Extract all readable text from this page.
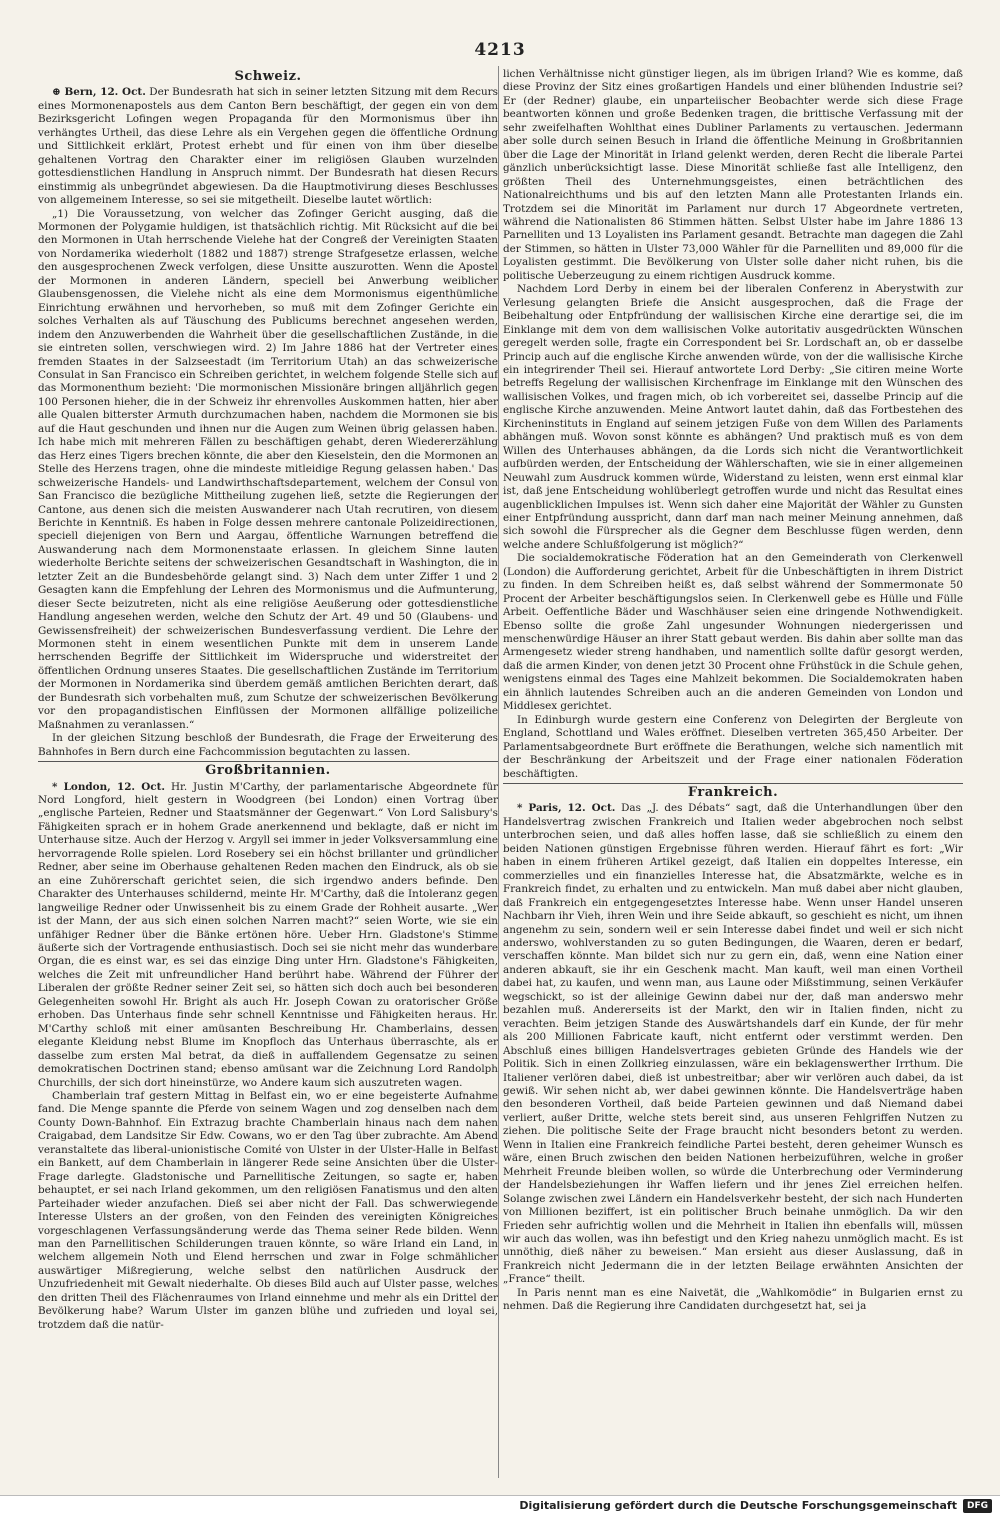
4213
Schweiz.

⊕ Bern, 12. Oct. Der Bundesrath hat sich in seiner letzten Sitzung mit dem Recurs eines Mormonenapostels aus dem Canton Bern beschäftigt, der gegen ein von dem Bezirksgericht Lofingen wegen Propaganda für den Mormonismus über ihn verhängtes Urtheil, das diese Lehre als ein Vergehen gegen die öffentliche Ordnung und Sittlichkeit erklärt, Protest erhebt und für einen von ihm über dieselbe gehaltenen Vortrag den Charakter einer im religiösen Glauben wurzelnden gottesdienstlichen Handlung in Anspruch nimmt. Der Bundesrath hat diesen Recurs einstimmig als unbegründet abgewiesen. Da die Hauptmotivirung dieses Beschlusses von allgemeinem Interesse, so sei sie mitgetheilt. Dieselbe lautet wörtlich:

„1) Die Voraussetzung, von welcher das Zofinger Gericht ausging, daß die Mormonen der Polygamie huldigen, ist thatsächlich richtig. Mit Rücksicht auf die bei den Mormonen in Utah herrschende Vielehe hat der Congreß der Vereinigten Staaten von Nordamerika wiederholt (1882 und 1887) strenge Strafgesetze erlassen, welche den ausgesprochenen Zweck verfolgen, diese Unsitte auszurotten. Wenn die Apostel der Mormonen in anderen Ländern, speciell bei Anwerbung weiblicher Glaubensgenossen, die Vielehe nicht als eine dem Mormonismus eigenthümliche Einrichtung erwähnen und hervorheben, so muß mit dem Zofinger Gerichte ein solches Verhalten als auf Täuschung des Publicums berechnet angesehen werden, indem den Anzuwerbenden die Wahrheit über die gesellschaftlichen Zustände, in die sie eintreten sollen, verschwiegen wird. 2) Im Jahre 1886 hat der Vertreter eines fremden Staates in der Salzseestadt (im Territorium Utah) an das schweizerische Consulat in San Francisco ein Schreiben gerichtet, in welchem folgende Stelle sich auf das Mormonenthum bezieht: 'Die mormonischen Missionäre bringen alljährlich gegen 100 Personen hieher, die in der Schweiz ihr ehrenvolles Auskommen hatten, hier aber alle Qualen bitterster Armuth durchzumachen haben, nachdem die Mormonen sie bis auf die Haut geschunden und ihnen nur die Augen zum Weinen übrig gelassen haben. Ich habe mich mit mehreren Fällen zu beschäftigen gehabt, deren Wiedererzählung das Herz eines Tigers brechen könnte, die aber den Kieselstein, den die Mormonen an Stelle des Herzens tragen, ohne die mindeste mitleidige Regung gelassen haben.' Das schweizerische Handels- und Landwirthschaftsdepartement, welchem der Consul von San Francisco die bezügliche Mittheilung zugehen ließ, setzte die Regierungen der Cantone, aus denen sich die meisten Auswanderer nach Utah recrutiren, von diesem Berichte in Kenntniß. Es haben in Folge dessen mehrere cantonale Polizeidirectionen, speciell diejenigen von Bern und Aargau, öffentliche Warnungen betreffend die Auswanderung nach dem Mormonenstaate erlassen. In gleichem Sinne lauten wiederholte Berichte seitens der schweizerischen Gesandtschaft in Washington, die in letzter Zeit an die Bundesbehörde gelangt sind. 3) Nach dem unter Ziffer 1 und 2 Gesagten kann die Empfehlung der Lehren des Mormonismus und die Aufmunterung, dieser Secte beizutreten, nicht als eine religiöse Aeußerung oder gottesdienstliche Handlung angesehen werden, welche den Schutz der Art. 49 und 50 (Glaubens- und Gewissensfreiheit) der schweizerischen Bundesverfassung verdient. Die Lehre der Mormonen steht in einem wesentlichen Punkte mit dem in unserem Lande herrschenden Begriffe der Sittlichkeit im Widerspruche und widerstreitet der öffentlichen Ordnung unseres Staates. Die gesellschaftlichen Zustände im Territorium der Mormonen in Nordamerika sind überdem gemäß amtlichen Berichten derart, daß der Bundesrath sich vorbehalten muß, zum Schutze der schweizerischen Bevölkerung vor den propagandistischen Einflüssen der Mormonen allfällige polizeiliche Maßnahmen zu veranlassen.“

In der gleichen Sitzung beschloß der Bundesrath, die Frage der Erweiterung des Bahnhofes in Bern durch eine Fachcommission begutachten zu lassen.

Großbritannien.

* London, 12. Oct. Hr. Justin M'Carthy, der parlamentarische Abgeordnete für Nord Longford, hielt gestern in Woodgreen (bei London) einen Vortrag über „englische Parteien, Redner und Staatsmänner der Gegenwart.“ Von Lord Salisbury's Fähigkeiten sprach er in hohem Grade anerkennend und beklagte, daß er nicht im Unterhause sitze. Auch der Herzog v. Argyll sei immer in jeder Volksversammlung eine hervorragende Rolle spielen. Lord Rosebery sei ein höchst brillanter und gründlicher Redner, aber seine im Oberhause gehaltenen Reden machen den Eindruck, als ob sie an eine Zuhörerschaft gerichtet seien, die sich irgendwo anders befinde. Den Charakter des Unterhauses schildernd, meinte Hr. M'Carthy, daß die Intoleranz gegen langweilige Redner oder Unwissenheit bis zu einem Grade der Rohheit ausarte. „Wer ist der Mann, der aus sich einen solchen Narren macht?“ seien Worte, wie sie ein unfähiger Redner über die Bänke ertönen höre. Ueber Hrn. Gladstone's Stimme äußerte sich der Vortragende enthusiastisch. Doch sei sie nicht mehr das wunderbare Organ, die es einst war, es sei das einzige Ding unter Hrn. Gladstone's Fähigkeiten, welches die Zeit mit unfreundlicher Hand berührt habe. Während der Führer der Liberalen der größte Redner seiner Zeit sei, so hätten sich doch auch bei besonderen Gelegenheiten sowohl Hr. Bright als auch Hr. Joseph Cowan zu oratorischer Größe erhoben. Das Unterhaus finde sehr schnell Kenntnisse und Fähigkeiten heraus. Hr. M'Carthy schloß mit einer amüsanten Beschreibung Hr. Chamberlains, dessen elegante Kleidung nebst Blume im Knopfloch das Unterhaus überraschte, als er dasselbe zum ersten Mal betrat, da dieß in auffallendem Gegensatze zu seinen demokratischen Doctrinen stand; ebenso amüsant war die Zeichnung Lord Randolph Churchills, der sich dort hineinstürze, wo Andere kaum sich auszutreten wagen.

Chamberlain traf gestern Mittag in Belfast ein, wo er eine begeisterte Aufnahme fand. Die Menge spannte die Pferde von seinem Wagen und zog denselben nach dem County Down-Bahnhof. Ein Extrazug brachte Chamberlain hinaus nach dem nahen Craigabad, dem Landsitze Sir Edw. Cowans, wo er den Tag über zubrachte. Am Abend veranstaltete das liberal-unionistische Comité von Ulster in der Ulster-Halle in Belfast ein Bankett, auf dem Chamberlain in längerer Rede seine Ansichten über die Ulster-Frage darlegte. Gladstonische und Parnellitische Zeitungen, so sagte er, haben behauptet, er sei nach Irland gekommen, um den religiösen Fanatismus und den alten Parteihader wieder anzufachen. Dieß sei aber nicht der Fall. Das schwerwiegende Interesse Ulsters an der großen, von den Feinden des vereinigten Königreiches vorgeschlagenen Verfassungsänderung werde das Thema seiner Rede bilden. Wenn man den Parnellitischen Schilderungen trauen könnte, so wäre Irland ein Land, in welchem allgemein Noth und Elend herrschen und zwar in Folge schmählicher auswärtiger Mißregierung, welche selbst den natürlichen Ausdruck der Unzufriedenheit mit Gewalt niederhalte. Ob dieses Bild auch auf Ulster passe, welches den dritten Theil des Flächenraumes von Irland einnehme und mehr als ein Drittel der Bevölkerung habe? Warum Ulster im ganzen blühe und zufrieden und loyal sei, trotzdem daß die natür-

lichen Verhältnisse nicht günstiger liegen, als im übrigen Irland? Wie es komme, daß diese Provinz der Sitz eines großartigen Handels und einer blühenden Industrie sei? Er (der Redner) glaube, ein unparteiischer Beobachter werde sich diese Frage beantworten können und große Bedenken tragen, die brittische Verfassung mit der sehr zweifelhaften Wohlthat eines Dubliner Parlaments zu vertauschen. Jedermann aber solle durch seinen Besuch in Irland die öffentliche Meinung in Großbritannien über die Lage der Minorität in Irland gelenkt werden, deren Recht die liberale Partei gänzlich unberücksichtigt lasse. Diese Minorität schließe fast alle Intelligenz, den größten Theil des Unternehmungsgeistes, einen beträchtlichen des Nationalreichthums und bis auf den letzten Mann alle Protestanten Irlands ein. Trotzdem sei die Minorität im Parlament nur durch 17 Abgeordnete vertreten, während die Nationalisten 86 Stimmen hätten. Selbst Ulster habe im Jahre 1886 13 Parnelliten und 13 Loyalisten ins Parlament gesandt. Betrachte man dagegen die Zahl der Stimmen, so hätten in Ulster 73,000 Wähler für die Parnelliten und 89,000 für die Loyalisten gestimmt. Die Bevölkerung von Ulster solle daher nicht ruhen, bis die politische Ueberzeugung zu einem richtigen Ausdruck komme.

Nachdem Lord Derby in einem bei der liberalen Conferenz in Aberystwith zur Verlesung gelangten Briefe die Ansicht ausgesprochen, daß die Frage der Beibehaltung oder Entpfründung der wallisischen Kirche eine derartige sei, die im Einklange mit dem von dem wallisischen Volke autoritativ ausgedrückten Wünschen geregelt werden solle, fragte ein Correspondent bei Sr. Lordschaft an, ob er dasselbe Princip auch auf die englische Kirche anwenden würde, von der die wallisische Kirche ein integrirender Theil sei. Hierauf antwortete Lord Derby: „Sie citiren meine Worte betreffs Regelung der wallisischen Kirchenfrage im Einklange mit den Wünschen des wallisischen Volkes, und fragen mich, ob ich vorbereitet sei, dasselbe Princip auf die englische Kirche anzuwenden. Meine Antwort lautet dahin, daß das Fortbestehen des Kircheninstituts in England auf seinem jetzigen Fuße von dem Willen des Parlaments abhängen muß. Wovon sonst könnte es abhängen? Und praktisch muß es von dem Willen des Unterhauses abhängen, da die Lords sich nicht die Verantwortlichkeit aufbürden werden, der Entscheidung der Wählerschaften, wie sie in einer allgemeinen Neuwahl zum Ausdruck kommen würde, Widerstand zu leisten, wenn erst einmal klar ist, daß jene Entscheidung wohlüberlegt getroffen wurde und nicht das Resultat eines augenblicklichen Impulses ist. Wenn sich daher eine Majorität der Wähler zu Gunsten einer Entpfründung ausspricht, dann darf man nach meiner Meinung annehmen, daß sich sowohl die Fürsprecher als die Gegner dem Beschlusse fügen werden, denn welche andere Schlußfolgerung ist möglich?“

Die socialdemokratische Föderation hat an den Gemeinderath von Clerkenwell (London) die Aufforderung gerichtet, Arbeit für die Unbeschäftigten in ihrem District zu finden. In dem Schreiben heißt es, daß selbst während der Sommermonate 50 Procent der Arbeiter beschäftigungslos seien. In Clerkenwell gebe es Hülle und Fülle Arbeit. Oeffentliche Bäder und Waschhäuser seien eine dringende Nothwendigkeit. Ebenso sollte die große Zahl ungesunder Wohnungen niedergerissen und menschenwürdige Häuser an ihrer Statt gebaut werden. Bis dahin aber sollte man das Armengesetz wieder streng handhaben, und namentlich sollte dafür gesorgt werden, daß die armen Kinder, von denen jetzt 30 Procent ohne Frühstück in die Schule gehen, wenigstens einmal des Tages eine Mahlzeit bekommen. Die Socialdemokraten haben ein ähnlich lautendes Schreiben auch an die anderen Gemeinden von London und Middlesex gerichtet.

In Edinburgh wurde gestern eine Conferenz von Delegirten der Bergleute von England, Schottland und Wales eröffnet. Dieselben vertreten 365,450 Arbeiter. Der Parlamentsabgeordnete Burt eröffnete die Berathungen, welche sich namentlich mit der Beschränkung der Arbeitszeit und der Frage einer nationalen Föderation beschäftigten.

Frankreich.

* Paris, 12. Oct. Das „J. des Débats“ sagt, daß die Unterhandlungen über den Handelsvertrag zwischen Frankreich und Italien weder abgebrochen noch selbst unterbrochen seien, und daß alles hoffen lasse, daß sie schließlich zu einem den beiden Nationen günstigen Ergebnisse führen werden. Hierauf fährt es fort: „Wir haben in einem früheren Artikel gezeigt, daß Italien ein doppeltes Interesse, ein commerzielles und ein finanzielles Interesse hat, die Absatzmärkte, welche es in Frankreich findet, zu erhalten und zu entwickeln. Man muß dabei aber nicht glauben, daß Frankreich ein entgegengesetztes Interesse habe. Wenn unser Handel unseren Nachbarn ihr Vieh, ihren Wein und ihre Seide abkauft, so geschieht es nicht, um ihnen angenehm zu sein, sondern weil er sein Interesse dabei findet und weil er sich nicht anderswo, wohlverstanden zu so guten Bedingungen, die Waaren, deren er bedarf, verschaffen könnte. Man bildet sich nur zu gern ein, daß, wenn eine Nation einer anderen abkauft, sie ihr ein Geschenk macht. Man kauft, weil man einen Vortheil dabei hat, zu kaufen, und wenn man, aus Laune oder Mißstimmung, seinen Verkäufer wegschickt, so ist der alleinige Gewinn dabei nur der, daß man anderswo mehr bezahlen muß. Andererseits ist der Markt, den wir in Italien finden, nicht zu verachten. Beim jetzigen Stande des Auswärtshandels darf ein Kunde, der für mehr als 200 Millionen Fabricate kauft, nicht entfernt oder verstimmt werden. Den Abschluß eines billigen Handelsvertrages gebieten Gründe des Handels wie der Politik. Sich in einen Zollkrieg einzulassen, wäre ein beklagenswerther Irrthum. Die Italiener verlören dabei, dieß ist unbestreitbar; aber wir verlören auch dabei, da ist gewiß. Wir sehen nicht ab, wer dabei gewinnen könnte. Die Handelsverträge haben den besonderen Vortheil, daß beide Parteien gewinnen und daß Niemand dabei verliert, außer Dritte, welche stets bereit sind, aus unseren Fehlgriffen Nutzen zu ziehen. Die politische Seite der Frage braucht nicht besonders betont zu werden. Wenn in Italien eine Frankreich feindliche Partei besteht, deren geheimer Wunsch es wäre, einen Bruch zwischen den beiden Nationen herbeizuführen, welche in großer Mehrheit Freunde bleiben wollen, so würde die Unterbrechung oder Verminderung der Handelsbeziehungen ihr Waffen liefern und ihr jenes Ziel erreichen helfen. Solange zwischen zwei Ländern ein Handelsverkehr besteht, der sich nach Hunderten von Millionen beziffert, ist ein politischer Bruch beinahe unmöglich. Da wir den Frieden sehr aufrichtig wollen und die Mehrheit in Italien ihn ebenfalls will, müssen wir auch das wollen, was ihn befestigt und den Krieg nahezu unmöglich macht. Es ist unnöthig, dieß näher zu beweisen.“ Man ersieht aus dieser Auslassung, daß in Frankreich nicht Jedermann die in der letzten Beilage erwähnten Ansichten der „France“ theilt.

In Paris nennt man es eine Naivetät, die „Wahlkomödie“ in Bulgarien ernst zu nehmen. Daß die Regierung ihre Candidaten durchgesetzt hat, sei ja

Digitalisierung gefördert durch die Deutsche Forschungsgemeinschaft DFG
